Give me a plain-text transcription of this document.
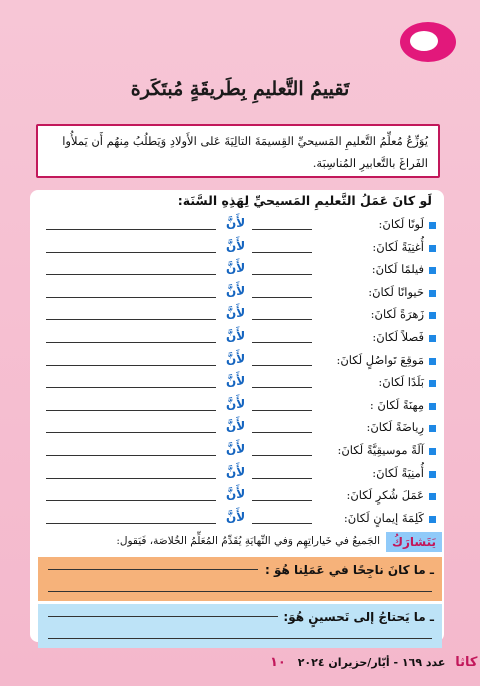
تَقييمُ التَّعليمِ بِطَريقَةٍ مُبتَكَرة
يُوَزِّعُ مُعلِّمُ التَّعليمِ المَسيحيِّ القِسيمَةَ التالِيَةَ عَلى الأَولادِ وَيَطلُبُ مِنهُم أَن يَملأُوا الفَراغَ بالتَّعابيرِ المُناسِبَة.
لَو كانَ عَمَلُ التَّعليمِ المَسيحيِّ لِهَذِهِ السَّنَة:
لَونًا لَكانَ:
لأَنَّ
أُغنِيَةً لَكانَ:
لأَنَّ
فيلمًا لَكانَ:
لأَنَّ
حَيوانًا لَكانَ:
لأَنَّ
زَهرَةً لَكانَ:
لأَنَّ
فَصلاً لَكانَ:
لأَنَّ
مَوقِعَ تَواصُلٍ لَكانَ:
لأَنَّ
بَلَدًا لَكانَ:
لأَنَّ
مِهنَةً لَكانَ :
لأَنَّ
رِياضَةً لَكانَ:
لأَنَّ
آلَةً موسيقِيَّةً لَكانَ:
لأَنَّ
أُمنِيَةً لَكانَ:
لأَنَّ
عَمَلَ شُكرٍ لَكانَ:
لأَنَّ
كَلِمَةَ إيمانٍ لَكانَ:
لأَنَّ
يَتَشارَكُ
الجَميعُ في خَياراتِهِم وَفي النِّهايَةِ يُقَدِّمُ المُعَلِّمُ الخُلاصَة، فَيَقول:
ـ ما كانَ ناجِحًا في عَمَلِنا هُوَ :
ـ ما يَحتاجُ إلى تَحسينٍ هُوَ:
كاثا عدد ١٦٩ - أيّار/حزيران ٢٠٢٤ ١٠
